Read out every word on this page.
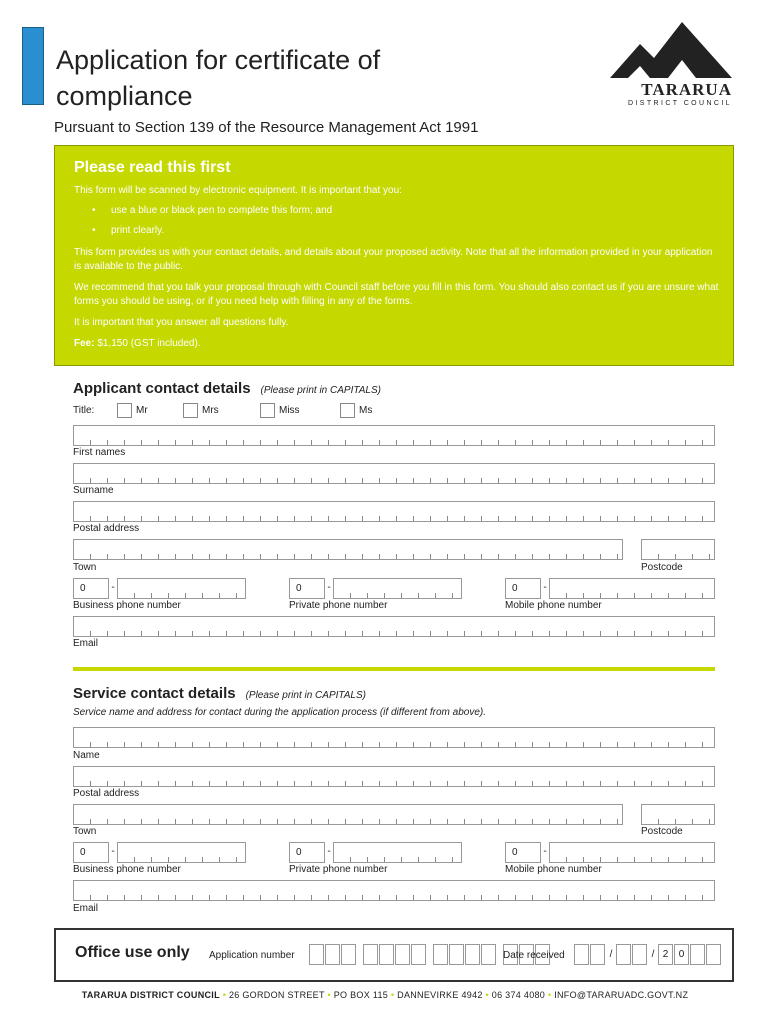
Application for certificate of
compliance
Pursuant to Section 139 of the Resource Management Act 1991
TARARUA
DISTRICT COUNCIL
Please read this first

This form will be scanned by electronic equipment. It is important that you:

• use a blue or black pen to complete this form; and
• print clearly.

This form provides us with your contact details, and details about your proposed activity. Note that all the information provided in your application is available to the public.

We recommend that you talk your proposal through with Council staff before you fill in this form. You should also contact us if you are unsure what forms you should be using, or if you need help with filling in any of the forms.

It is important that you answer all questions fully.

Fee: $1,150 (GST included).

Applicant contact details (Please print in CAPITALS)
Title:	Mr	Mrs	Miss	Ms
First names
Surname
Postal address
Town	Postcode
0	-	0	-	0	-
Business phone number	Private phone number	Mobile phone number
Email
Service contact details (Please print in CAPITALS)
Service name and address for contact during the application process (if different from above).
Name
Postal address
Town	Postcode
0	-	0	-	0	-
Business phone number	Private phone number	Mobile phone number
Email
Office use only Application number	Date received	/	/ 2 0
TARARUA DISTRICT COUNCIL • 26 GORDON STREET • PO BOX 115 • DANNEVIRKE 4942 • 06 374 4080 • INFO@TARARUADC.GOVT.NZ
